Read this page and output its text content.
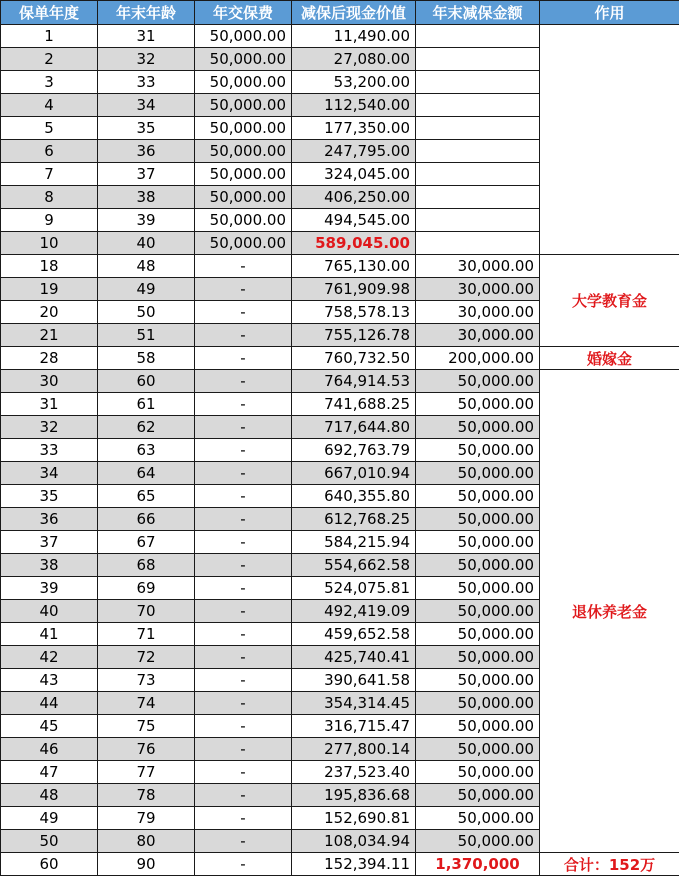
保单年度	年末年龄	年交保费	减保后现金价值	年末减保金额	作用
1	31	50,000.00	11,490.00		
2	32	50,000.00	27,080.00		
3	33	50,000.00	53,200.00		
4	34	50,000.00	112,540.00		
5	35	50,000.00	177,350.00		
6	36	50,000.00	247,795.00		
7	37	50,000.00	324,045.00		
8	38	50,000.00	406,250.00		
9	39	50,000.00	494,545.00		
10	40	50,000.00	589,045.00		
18	48	-	765,130.00	30,000.00	大学教育金
19	49	-	761,909.98	30,000.00	
20	50	-	758,578.13	30,000.00	
21	51	-	755,126.78	30,000.00	
28	58	-	760,732.50	200,000.00	婚嫁金
30	60	-	764,914.53	50,000.00	退休养老金
31	61	-	741,688.25	50,000.00	
32	62	-	717,644.80	50,000.00	
33	63	-	692,763.79	50,000.00	
34	64	-	667,010.94	50,000.00	
35	65	-	640,355.80	50,000.00	
36	66	-	612,768.25	50,000.00	
37	67	-	584,215.94	50,000.00	
38	68	-	554,662.58	50,000.00	
39	69	-	524,075.81	50,000.00	
40	70	-	492,419.09	50,000.00	
41	71	-	459,652.58	50,000.00	
42	72	-	425,740.41	50,000.00	
43	73	-	390,641.58	50,000.00	
44	74	-	354,314.45	50,000.00	
45	75	-	316,715.47	50,000.00	
46	76	-	277,800.14	50,000.00	
47	77	-	237,523.40	50,000.00	
48	78	-	195,836.68	50,000.00	
49	79	-	152,690.81	50,000.00	
50	80	-	108,034.94	50,000.00	
60	90	-	152,394.11	1,370,000	合计：152万
